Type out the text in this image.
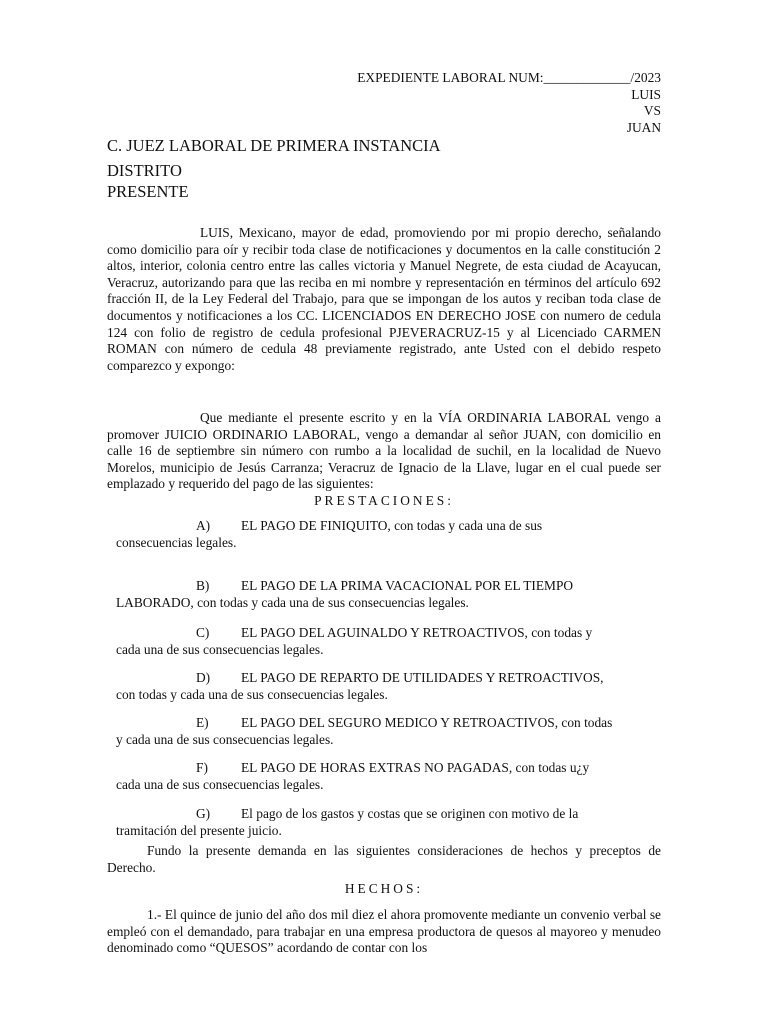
EXPEDIENTE LABORAL NUM:_____________/2023
LUIS
VS
JUAN
C. JUEZ LABORAL DE PRIMERA INSTANCIA
DISTRITO
PRESENTE
LUIS, Mexicano, mayor de edad, promoviendo por mi propio derecho, señalando como domicilio para oír y recibir toda clase de notificaciones y documentos en la calle constitución 2 altos, interior, colonia centro entre las calles victoria y Manuel Negrete, de esta ciudad de Acayucan, Veracruz, autorizando para que las reciba en mi nombre y representación en términos del artículo 692 fracción II, de la Ley Federal del Trabajo, para que se impongan de los autos y reciban toda clase de documentos y notificaciones a los CC. LICENCIADOS EN DERECHO JOSE con numero de cedula 124 con folio de registro de cedula profesional PJEVERACRUZ-15 y al Licenciado CARMEN ROMAN con número de cedula 48 previamente registrado, ante Usted con el debido respeto comparezco y expongo:
Que mediante el presente escrito y en la VÍA ORDINARIA LABORAL vengo a promover JUICIO ORDINARIO LABORAL, vengo a demandar al señor JUAN, con domicilio en calle 16 de septiembre sin número con rumbo a la localidad de suchil, en la localidad de Nuevo Morelos, municipio de Jesús Carranza; Veracruz de Ignacio de la Llave, lugar en el cual puede ser emplazado y requerido del pago de las siguientes:
PRESTACIONES:
A) EL PAGO DE FINIQUITO, con todas y cada una de sus
consecuencias legales.
B) EL PAGO DE LA PRIMA VACACIONAL POR EL TIEMPO
LABORADO, con todas y cada una de sus consecuencias legales.
C) EL PAGO DEL AGUINALDO Y RETROACTIVOS, con todas y
cada una de sus consecuencias legales.
D) EL PAGO DE REPARTO DE UTILIDADES Y RETROACTIVOS,
con todas y cada una de sus consecuencias legales.
E) EL PAGO DEL SEGURO MEDICO Y RETROACTIVOS, con todas
y cada una de sus consecuencias legales.
F) EL PAGO DE HORAS EXTRAS NO PAGADAS, con todas u¿y
cada una de sus consecuencias legales.
G) El pago de los gastos y costas que se originen con motivo de la
tramitación del presente juicio.
Fundo la presente demanda en las siguientes consideraciones de hechos y preceptos de Derecho.
HECHOS:
1.- El quince de junio del año dos mil diez el ahora promovente mediante un convenio verbal se empleó con el demandado, para trabajar en una empresa productora de quesos al mayoreo y menudeo denominado como “QUESOS” acordando de contar con los
